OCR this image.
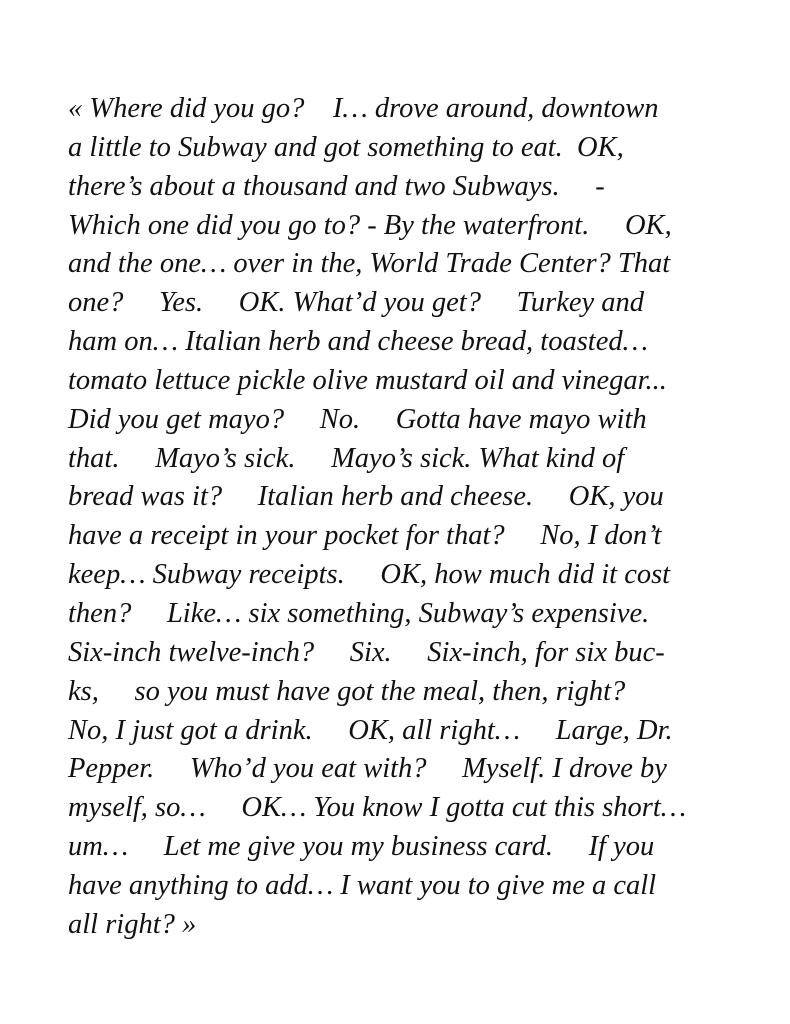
« Where did you go?    I… drove around, downtown

a little to Subway and got something to eat.  OK,

there’s about a thousand and two Subways.     -

Which one did you go to? - By the waterfront.     OK,

and the one… over in the, World Trade Center? That

one?     Yes.     OK. What’d you get?     Turkey and

ham on… Italian herb and cheese bread, toasted…

tomato lettuce pickle olive mustard oil and vinegar...

Did you get mayo?     No.     Gotta have mayo with

that.     Mayo’s sick.     Mayo’s sick. What kind of

bread was it?     Italian herb and cheese.     OK, you

have a receipt in your pocket for that?     No, I don’t

keep… Subway receipts.     OK, how much did it cost

then?     Like… six something, Subway’s expensive.

Six-inch twelve-inch?     Six.     Six-inch, for six buc-

ks,     so you must have got the meal, then, right?

No, I just got a drink.     OK, all right…     Large, Dr.

Pepper.     Who’d you eat with?     Myself. I drove by

myself, so…     OK… You know I gotta cut this short…

um…     Let me give you my business card.     If you

have anything to add… I want you to give me a call

all right? »
